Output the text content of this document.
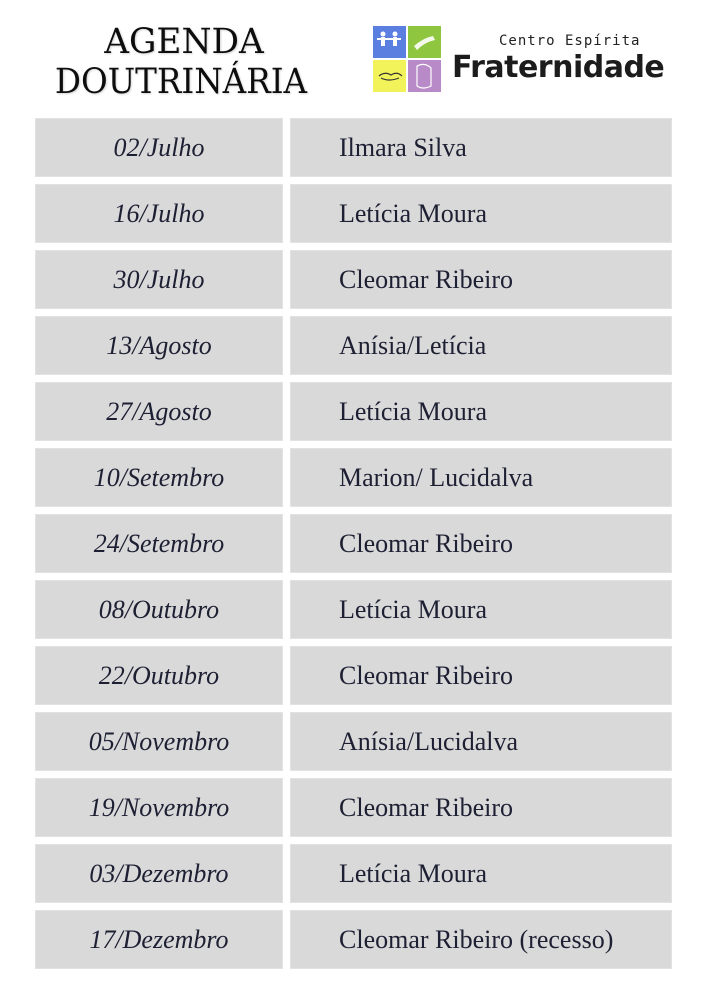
AGENDA
DOUTRINÁRIA
Centro Espírita
Fraternidade
02/Julho	Ilmara Silva
16/Julho	Letícia Moura
30/Julho	Cleomar Ribeiro
13/Agosto	Anísia/Letícia
27/Agosto	Letícia Moura
10/Setembro	Marion/ Lucidalva
24/Setembro	Cleomar Ribeiro
08/Outubro	Letícia Moura
22/Outubro	Cleomar Ribeiro
05/Novembro	Anísia/Lucidalva
19/Novembro	Cleomar Ribeiro
03/Dezembro	Letícia Moura
17/Dezembro	Cleomar Ribeiro (recesso)
